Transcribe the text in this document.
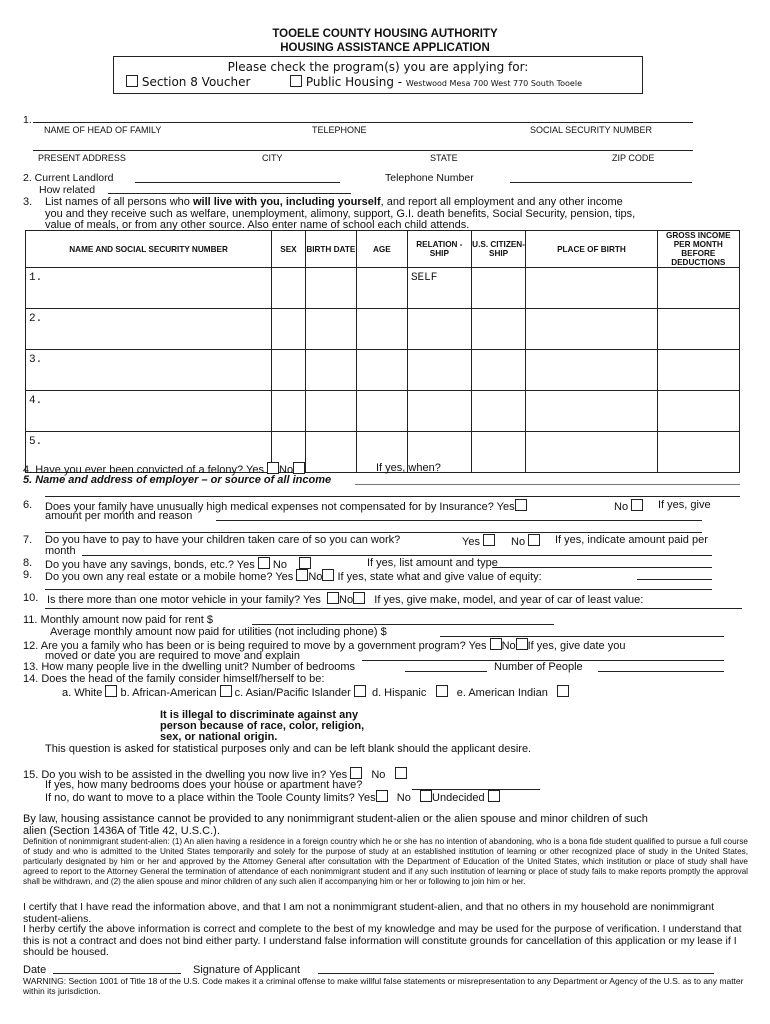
TOOELE COUNTY HOUSING AUTHORITY
HOUSING ASSISTANCE APPLICATION
Please check the program(s) you are applying for:
Section 8 Voucher	Public Housing - Westwood Mesa 700 West 770 South Tooele
1.
NAME OF HEAD OF FAMILY	TELEPHONE	SOCIAL SECURITY NUMBER
PRESENT ADDRESS	CITY	STATE	ZIP CODE
2. Current Landlord	Telephone Number
How related
3. List names of all persons who will live with you, including yourself, and report all employment and any other income
you and they receive such as welfare, unemployment, alimony, support, G.I. death benefits, Social Security, pension, tips,
value of meals, or from any other source. Also enter name of school each child attends.
NAME AND SOCIAL SECURITY NUMBER	SEX	BIRTH DATE	AGE	RELATION -SHIP	U.S. CITIZEN- SHIP	PLACE OF BIRTH	GROSS INCOME PER MONTH BEFORE DEDUCTIONS
1.				SELF			
2.							
3.							
4.							
5.							
4. Have you ever been convicted of a felony? Yes No	If yes, when?
5. Name and address of employer – or source of all income
6. Does your family have unusually high medical expenses not compensated for by Insurance? Yes	No	If yes, give
amount per month and reason
7. Do you have to pay to have your children taken care of so you can work?	Yes	No	If yes, indicate amount paid per
month
8. Do you have any savings, bonds, etc.? Yes No	If yes, list amount and type
9. Do you own any real estate or a mobile home? Yes No If yes, state what and give value of equity:
10. Is there more than one motor vehicle in your family? Yes No If yes, give make, model, and year of car of least value:
11. Monthly amount now paid for rent $
Average monthly amount now paid for utilities (not including phone) $
12. Are you a family who has been or is being required to move by a government program? Yes No If yes, give date you
moved or date you are required to move and explain
13. How many people live in the dwelling unit? Number of bedrooms	Number of People
14. Does the head of the family consider himself/herself to be:
a. White b. African-American c. Asian/Pacific Islander d. Hispanic	e. American Indian
It is illegal to discriminate against any
person because of race, color, religion,
sex, or national origin.
This question is asked for statistical purposes only and can be left blank should the applicant desire.
15. Do you wish to be assisted in the dwelling you now live in? Yes No
If yes, how many bedrooms does your house or apartment have?
If no, do want to move to a place within the Toole County limits? Yes No Undecided
By law, housing assistance cannot be provided to any nonimmigrant student-alien or the alien spouse and minor children of such
alien (Section 1436A of Title 42, U.S.C.).
Definition of nonimmigrant student-alien: (1) An alien having a residence in a foreign country which he or she has no intention of abandoning, who is a bona fide student qualified to pursue a full course of study and who is admitted to the United States temporarily and solely for the purpose of study at an established institution of learning or other recognized place of study in the United States, particularly designated by him or her and approved by the Attorney General after consultation with the Department of Education of the United States, which institution or place of study shall have agreed to report to the Attorney General the termination of attendance of each nonimmigrant student and if any such institution of learning or place of study fails to make reports promptly the approval shall be withdrawn, and (2) the alien spouse and minor children of any such alien if accompanying him or her or following to join him or her.
I certify that I have read the information above, and that I am not a nonimmigrant student-alien, and that no others in my household are nonimmigrant student-aliens.
I herby certify the above information is correct and complete to the best of my knowledge and may be used for the purpose of verification. I understand that this is not a contract and does not bind either party. I understand false information will constitute grounds for cancellation of this application or my lease if I should be housed.
Date	Signature of Applicant
WARNING: Section 1001 of Title 18 of the U.S. Code makes it a criminal offense to make willful false statements or misrepresentation to any Department or Agency of the U.S. as to any matter within its jurisdiction.
